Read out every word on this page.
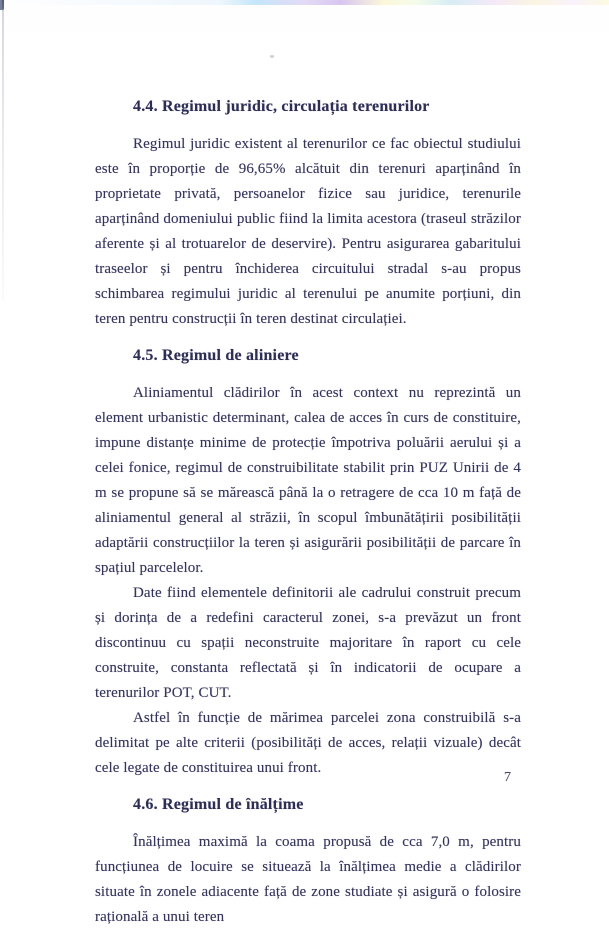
4.4. Regimul juridic, circulația terenurilor

Regimul juridic existent al terenurilor ce fac obiectul studiului este în proporție de 96,65% alcătuit din terenuri aparținând în proprietate privată, persoanelor fizice sau juridice, terenurile aparținând domeniului public fiind la limita acestora (traseul străzilor aferente și al trotuarelor de deservire). Pentru asigurarea gabaritului traseelor și pentru închiderea circuitului stradal s-au propus schimbarea regimului juridic al terenului pe anumite porțiuni, din teren pentru construcții în teren destinat circulației.

4.5. Regimul de aliniere

Aliniamentul clădirilor în acest context nu reprezintă un element urbanistic determinant, calea de acces în curs de constituire, impune distanțe minime de protecție împotriva poluării aerului și a celei fonice, regimul de construibilitate stabilit prin PUZ Unirii de 4 m se propune să se mărească până la o retragere de cca 10 m față de aliniamentul general al străzii, în scopul îmbunătățirii posibilității adaptării construcțiilor la teren și asigurării posibilității de parcare în spațiul parcelelor.

Date fiind elementele definitorii ale cadrului construit precum și dorința de a redefini caracterul zonei, s-a prevăzut un front discontinuu cu spații neconstruite majoritare în raport cu cele construite, constanta reflectată și în indicatorii de ocupare a terenurilor POT, CUT.

Astfel în funcție de mărimea parcelei zona construibilă s-a delimitat pe alte criterii (posibilități de acces, relații vizuale) decât cele legate de constituirea unui front.

4.6. Regimul de înălțime

Înălțimea maximă la coama propusă de cca 7,0 m, pentru funcțiunea de locuire se situează la înălțimea medie a clădirilor situate în zonele adiacente față de zone studiate și asigură o folosire rațională a unui teren

7
